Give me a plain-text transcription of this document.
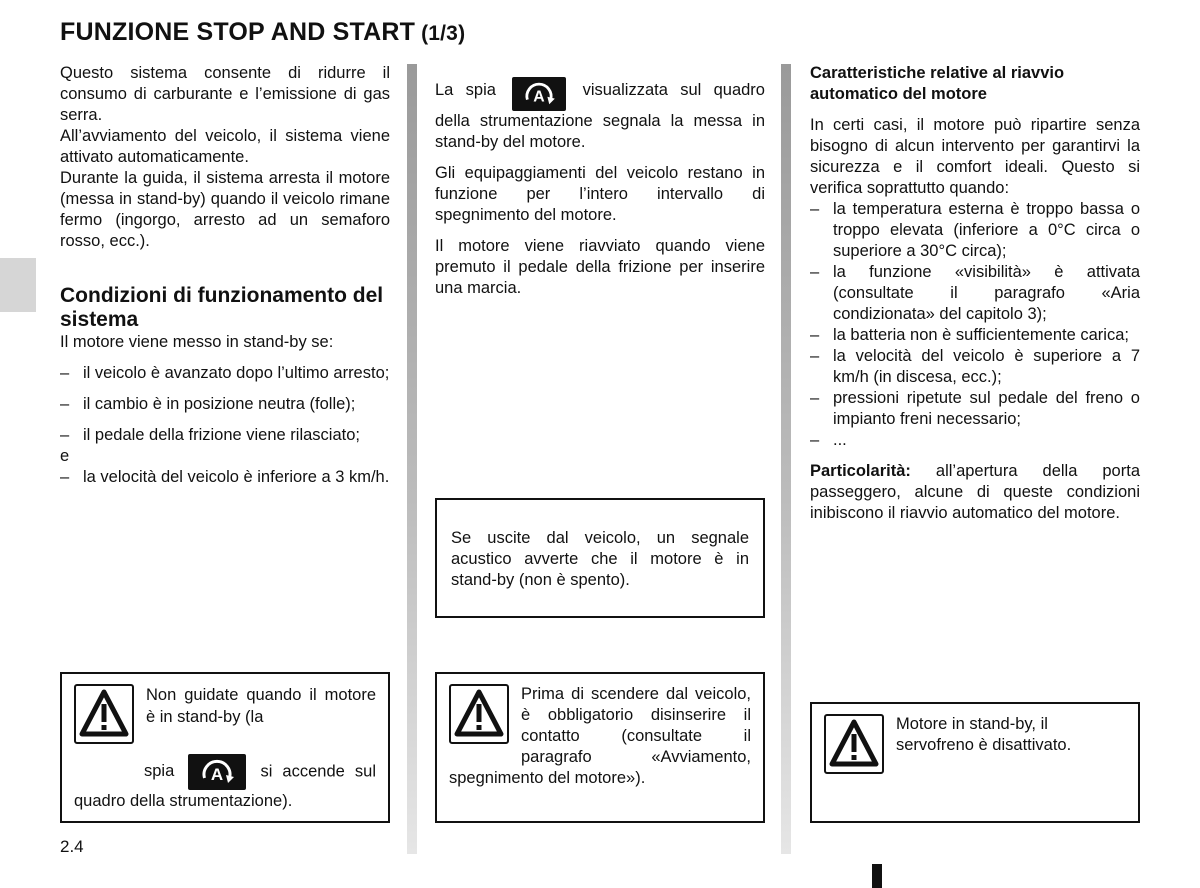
FUNZIONE STOP AND START (1/3)

Questo sistema consente di ridurre il consumo di carburante e l’emissione di gas serra.

All’avviamento del veicolo, il sistema viene attivato automaticamente.

Durante la guida, il sistema arresta il motore (messa in stand-by) quando il veicolo rimane fermo (ingorgo, arresto ad un semaforo rosso, ecc.).

Condizioni di funzionamento del sistema

Il motore viene messo in stand-by se:

– il veicolo è avanzato dopo l’ultimo arresto;
– il cambio è in posizione neutra (folle);
– il pedale della frizione viene rilasciato;

e

– la velocità del veicolo è inferiore a 3 km/h.
Non guidate quando il motore è in stand-by (la
spia A si accende sul quadro della strumentazione).

La spia A visualizzata sul quadro della strumentazione segnala la messa in stand-by del motore.

Gli equipaggiamenti del veicolo restano in funzione per l’intero intervallo di spegnimento del motore.

Il motore viene riavviato quando viene premuto il pedale della frizione per inserire una marcia.

Se uscite dal veicolo, un segnale acustico avverte che il motore è in stand-by (non è spento).

Prima di scendere dal veicolo, è obbligatorio disinserire il contatto (consultate il paragrafo «Avviamento, spegnimento del motore»).

Caratteristiche relative al riavvio automatico del motore

In certi casi, il motore può ripartire senza bisogno di alcun intervento per garantirvi la sicurezza e il comfort ideali. Questo si verifica soprattutto quando:

– la temperatura esterna è troppo bassa o troppo elevata (inferiore a 0°C circa o superiore a 30°C circa);
– la funzione «visibilità» è attivata (consultate il paragrafo «Aria condizionata» del capitolo 3);
– la batteria non è sufficientemente carica;
– la velocità del veicolo è superiore a 7 km/h (in discesa, ecc.);
– pressioni ripetute sul pedale del freno o impianto freni necessario;
– ...

Particolarità: all’apertura della porta passeggero, alcune di queste condizioni inibiscono il riavvio automatico del motore.

Motore in stand-by, il servofreno è disattivato.

2.4
